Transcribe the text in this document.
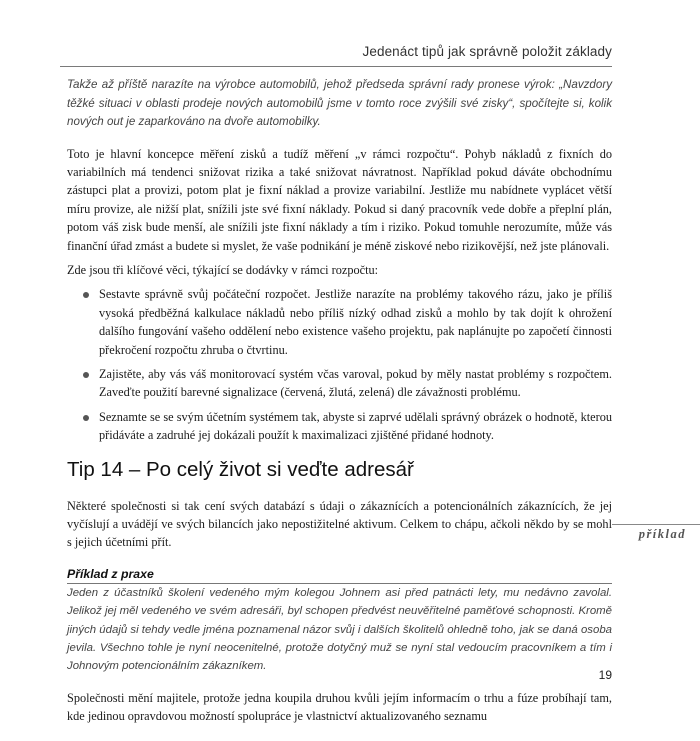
Jedenáct tipů jak správně položit základy

Takže až příště narazíte na výrobce automobilů, jehož předseda správní rady pronese výrok: „Navzdory těžké situaci v oblasti prodeje nových automobilů jsme v tomto roce zvýšili své zisky“, spočítejte si, kolik nových out je zaparkováno na dvoře automobilky.

Toto je hlavní koncepce měření zisků a tudíž měření „v rámci rozpočtu“. Pohyb nákladů z fixních do variabilních má tendenci snižovat rizika a také snižovat návratnost. Například pokud dáváte obchodnímu zástupci plat a provizi, potom plat je fixní náklad a provize variabilní. Jestliže mu nabídnete vyplácet větší míru provize, ale nižší plat, snížili jste své fixní náklady. Pokud si daný pracovník vede dobře a přeplní plán, potom váš zisk bude menší, ale snížili jste fixní náklady a tím i riziko. Pokud tomuhle nerozumíte, může vás finanční úřad zmást a budete si myslet, že vaše podnikání je méně ziskové nebo rizikovější, než jste plánovali.

Zde jsou tři klíčové věci, týkající se dodávky v rámci rozpočtu:

Sestavte správně svůj počáteční rozpočet. Jestliže narazíte na problémy takového rázu, jako je příliš vysoká předběžná kalkulace nákladů nebo příliš nízký odhad zisků a mohlo by tak dojít k ohrožení dalšího fungování vašeho oddělení nebo existence vašeho projektu, pak naplánujte po započetí činnosti překročení rozpočtu zhruba o čtvrtinu.
Zajistěte, aby vás váš monitorovací systém včas varoval, pokud by měly nastat problémy s rozpočtem. Zaveďte použití barevné signalizace (červená, žlutá, zelená) dle závažnosti problému.
Seznamte se se svým účetním systémem tak, abyste si zaprvé udělali správný obrázek o hodnotě, kterou přidáváte a zadruhé jej dokázali použít k maximalizaci zjištěné přidané hodnoty.
Tip 14 – Po celý život si veďte adresář

Některé společnosti si tak cení svých databází s údaji o zákaznících a potencionálních zákaznících, že jej vyčíslují a uvádějí ve svých bilancích jako nepostižitelné aktivum. Celkem to chápu, ačkoli někdo by se mohl s jejich účetními přít.

Příklad z praxe

Jeden z účastníků školení vedeného mým kolegou Johnem asi před patnácti lety, mu nedávno zavolal. Jelikož jej měl vedeného ve svém adresáři, byl schopen předvést neuvěřitelné paměťové schopnosti. Kromě jiných údajů si tehdy vedle jména poznamenal názor svůj i dalších školitelů ohledně toho, jak se daná osoba jevila. Všechno tohle je nyní neocenitelné, protože dotyčný muž se nyní stal vedoucím pracovníkem a tím i Johnovým potencionálním zákazníkem.

Společnosti mění majitele, protože jedna koupila druhou kvůli jejím informacím o trhu a fúze probíhají tam, kde jedinou opravdovou možností spolupráce je vlastnictví aktualizovaného seznamu

příklad
19
